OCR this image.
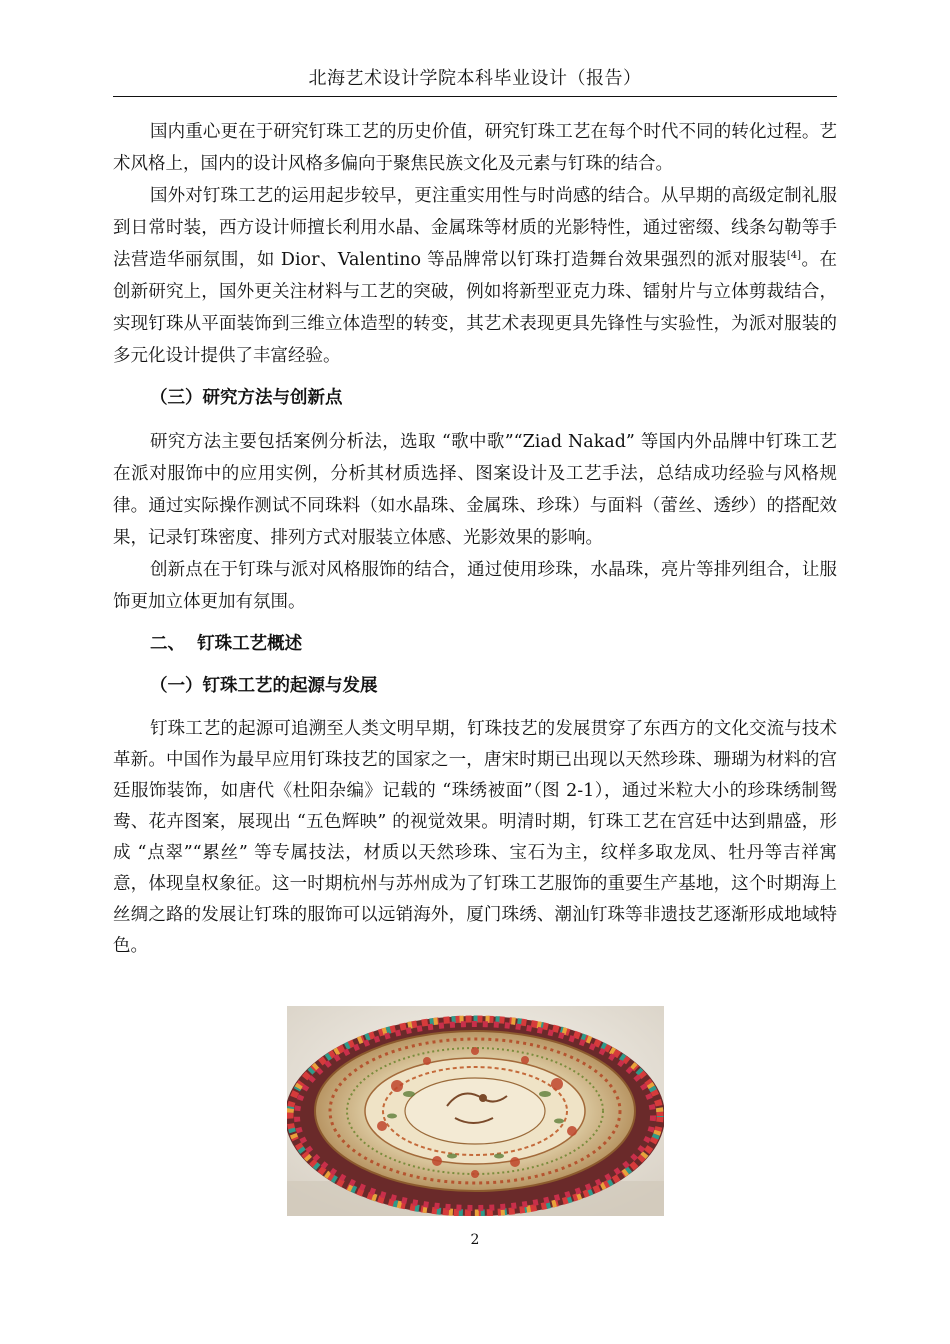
北海艺术设计学院本科毕业设计（报告）

国内重心更在于研究钉珠工艺的历史价值，研究钉珠工艺在每个时代不同的转化过程。艺术风格上，国内的设计风格多偏向于聚焦民族文化及元素与钉珠的结合。

国外对钉珠工艺的运用起步较早，更注重实用性与时尚感的结合。从早期的高级定制礼服到日常时装，西方设计师擅长利用水晶、金属珠等材质的光影特性，通过密缀、线条勾勒等手法营造华丽氛围，如 Dior、Valentino 等品牌常以钉珠打造舞台效果强烈的派对服装[4]。在创新研究上，国外更关注材料与工艺的突破，例如将新型亚克力珠、镭射片与立体剪裁结合，实现钉珠从平面装饰到三维立体造型的转变，其艺术表现更具先锋性与实验性，为派对服装的多元化设计提供了丰富经验。

（三）研究方法与创新点

研究方法主要包括案例分析法，选取 “歌中歌”“Ziad Nakad” 等国内外品牌中钉珠工艺在派对服饰中的应用实例，分析其材质选择、图案设计及工艺手法，总结成功经验与风格规律。通过实际操作测试不同珠料（如水晶珠、金属珠、珍珠）与面料（蕾丝、透纱）的搭配效果，记录钉珠密度、排列方式对服装立体感、光影效果的影响。

创新点在于钉珠与派对风格服饰的结合，通过使用珍珠，水晶珠，亮片等排列组合，让服饰更加立体更加有氛围。

二、  钉珠工艺概述
（一）钉珠工艺的起源与发展

钉珠工艺的起源可追溯至人类文明早期，钉珠技艺的发展贯穿了东西方的文化交流与技术革新。中国作为最早应用钉珠技艺的国家之一，唐宋时期已出现以天然珍珠、珊瑚为材料的宫廷服饰装饰，如唐代《杜阳杂编》记载的 “珠绣被面”（图 2-1），通过米粒大小的珍珠绣制鸳鸯、花卉图案，展现出 “五色辉映” 的视觉效果。明清时期，钉珠工艺在宫廷中达到鼎盛，形成 “点翠”“累丝” 等专属技法，材质以天然珍珠、宝石为主，纹样多取龙凤、牡丹等吉祥寓意，体现皇权象征。这一时期杭州与苏州成为了钉珠工艺服饰的重要生产基地，这个时期海上丝绸之路的发展让钉珠的服饰可以远销海外，厦门珠绣、潮汕钉珠等非遗技艺逐渐形成地域特色。

2
